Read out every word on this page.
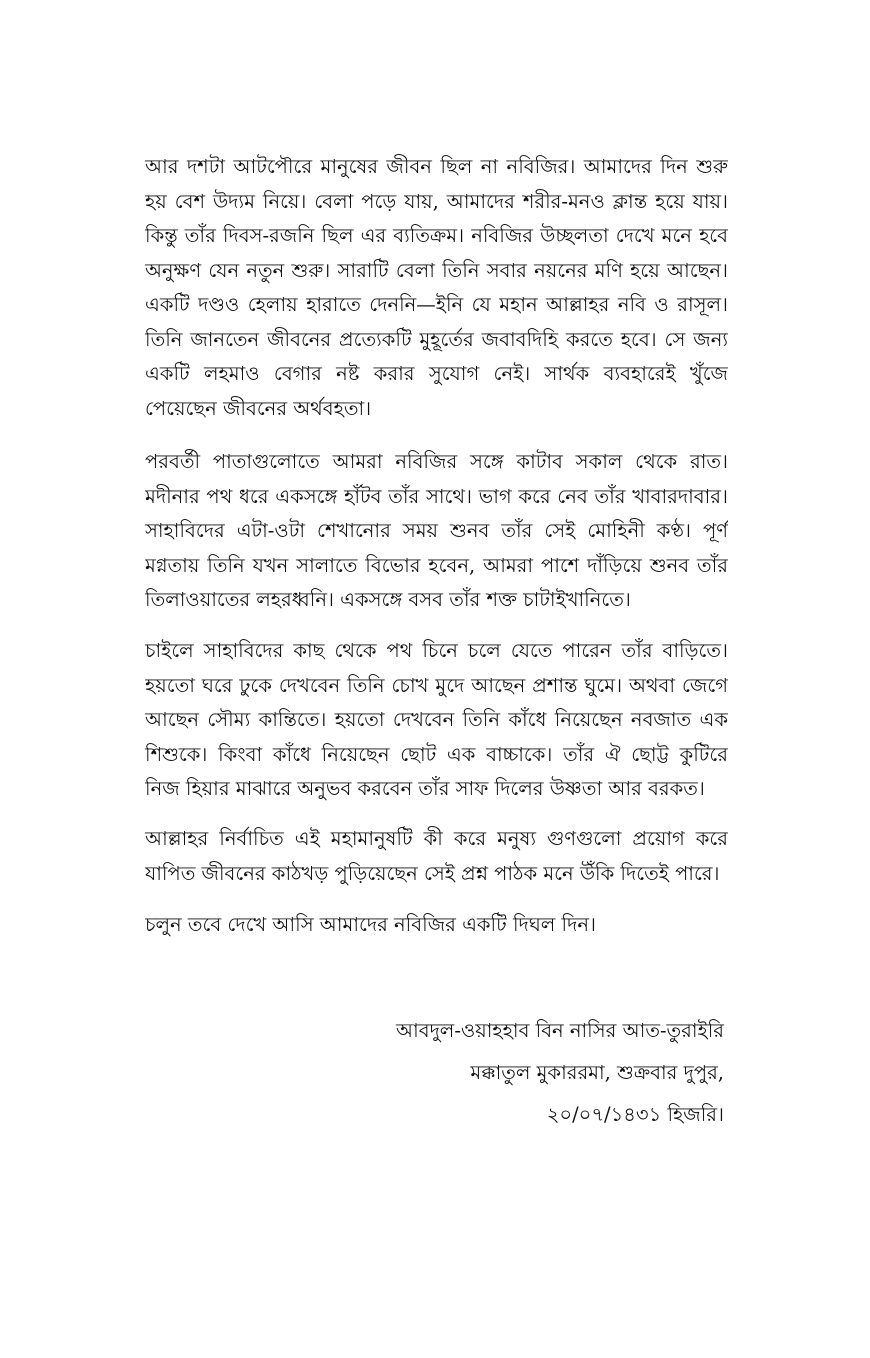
আর দশটা আটপৌরে মানুষের জীবন ছিল না নবিজির। আমাদের দিন শুরু
হয় বেশ উদ্যম নিয়ে। বেলা পড়ে যায়, আমাদের শরীর-মনও ক্লান্ত হয়ে যায়।
কিন্তু তাঁর দিবস-রজনি ছিল এর ব্যতিক্রম। নবিজির উচ্ছলতা দেখে মনে হবে
অনুক্ষণ যেন নতুন শুরু। সারাটি বেলা তিনি সবার নয়নের মণি হয়ে আছেন।
একটি দণ্ডও হেলায় হারাতে দেননি—ইনি যে মহান আল্লাহর নবি ও রাসূল।
তিনি জানতেন জীবনের প্রত্যেকটি মুহূর্তের জবাবদিহি করতে হবে। সে জন্য
একটি লহমাও বেগার নষ্ট করার সুযোগ নেই। সার্থক ব্যবহারেই খুঁজে
পেয়েছেন জীবনের অর্থবহতা।
পরবর্তী পাতাগুলোতে আমরা নবিজির সঙ্গে কাটাব সকাল থেকে রাত।
মদীনার পথ ধরে একসঙ্গে হাঁটব তাঁর সাথে। ভাগ করে নেব তাঁর খাবারদাবার।
সাহাবিদের এটা-ওটা শেখানোর সময় শুনব তাঁর সেই মোহিনী কণ্ঠ। পূর্ণ
মগ্নতায় তিনি যখন সালাতে বিভোর হবেন, আমরা পাশে দাঁড়িয়ে শুনব তাঁর
তিলাওয়াতের লহরধ্বনি। একসঙ্গে বসব তাঁর শক্ত চাটাইখানিতে।
চাইলে সাহাবিদের কাছ থেকে পথ চিনে চলে যেতে পারেন তাঁর বাড়িতে।
হয়তো ঘরে ঢুকে দেখবেন তিনি চোখ মুদে আছেন প্রশান্ত ঘুমে। অথবা জেগে
আছেন সৌম্য কান্তিতে। হয়তো দেখবেন তিনি কাঁধে নিয়েছেন নবজাত এক
শিশুকে। কিংবা কাঁধে নিয়েছেন ছোট এক বাচ্চাকে। তাঁর ঐ ছোট্ট কুটিরে
নিজ হিয়ার মাঝারে অনুভব করবেন তাঁর সাফ দিলের উষ্ণতা আর বরকত।
আল্লাহর নির্বাচিত এই মহামানুষটি কী করে মনুষ্য গুণগুলো প্রয়োগ করে
যাপিত জীবনের কাঠখড় পুড়িয়েছেন সেই প্রশ্ন পাঠক মনে উঁকি দিতেই পারে।
চলুন তবে দেখে আসি আমাদের নবিজির একটি দিঘল দিন।
আবদুল-ওয়াহহাব বিন নাসির আত-তুরাইরি
মক্কাতুল মুকাররমা, শুক্রবার দুপুর,
২০/০৭/১৪৩১ হিজরি।
